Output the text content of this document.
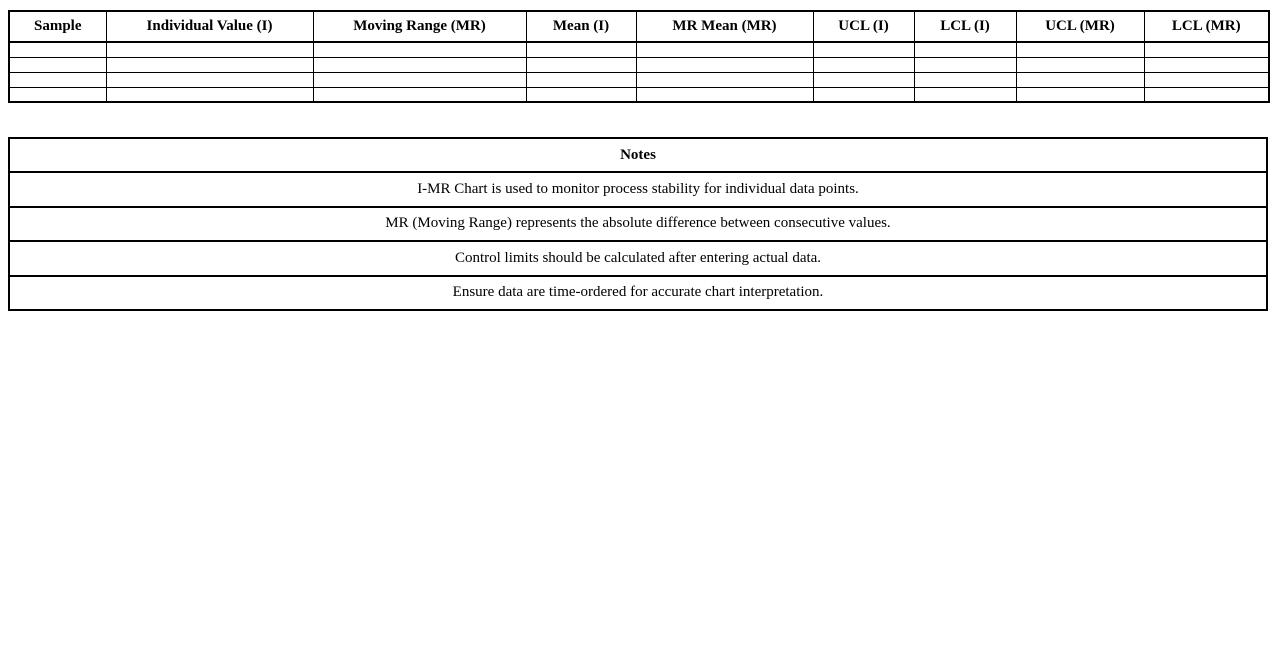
Sample	Individual Value (I)	Moving Range (MR)	Mean (I)	MR Mean (MR)	UCL (I)	LCL (I)	UCL (MR)	LCL (MR)

Notes
I-MR Chart is used to monitor process stability for individual data points.
MR (Moving Range) represents the absolute difference between consecutive values.
Control limits should be calculated after entering actual data.
Ensure data are time-ordered for accurate chart interpretation.
